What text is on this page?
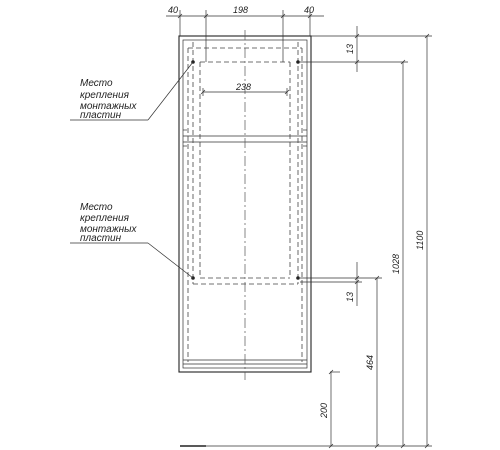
40	198	40
238
13
13
200
464
1028
1100
Место крепления монтажных пластин
Место крепления монтажных пластин
